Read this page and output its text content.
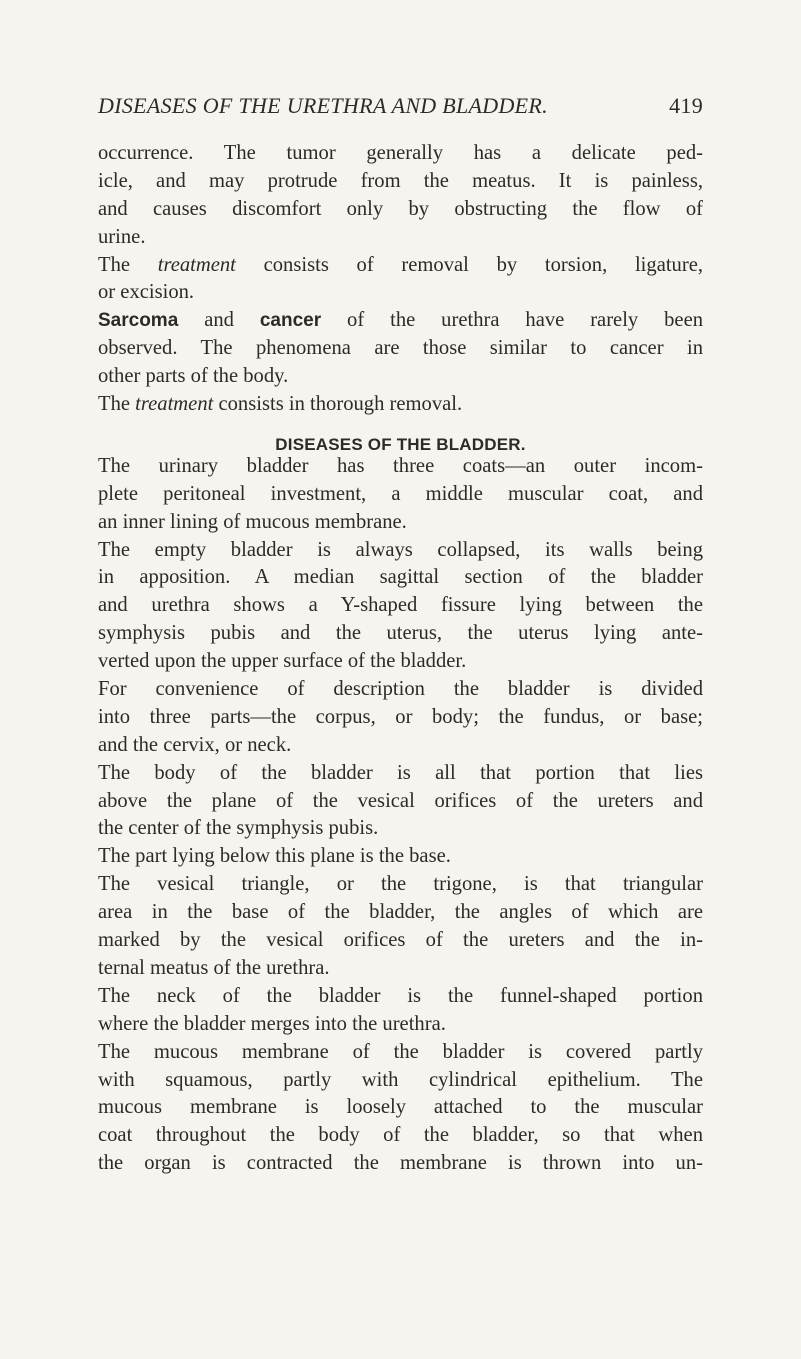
DISEASES OF THE URETHRA AND BLADDER.	419
occurrence. The tumor generally has a delicate ped-
icle, and may protrude from the meatus. It is painless,
and causes discomfort only by obstructing the flow of
urine.
The treatment consists of removal by torsion, ligature,
or excision.
Sarcoma and cancer of the urethra have rarely been
observed. The phenomena are those similar to cancer in
other parts of the body.
The treatment consists in thorough removal.
DISEASES OF THE BLADDER.
The urinary bladder has three coats—an outer incom-
plete peritoneal investment, a middle muscular coat, and
an inner lining of mucous membrane.
The empty bladder is always collapsed, its walls being
in apposition. A median sagittal section of the bladder
and urethra shows a Y-shaped fissure lying between the
symphysis pubis and the uterus, the uterus lying ante-
verted upon the upper surface of the bladder.
For convenience of description the bladder is divided
into three parts—the corpus, or body; the fundus, or base;
and the cervix, or neck.
The body of the bladder is all that portion that lies
above the plane of the vesical orifices of the ureters and
the center of the symphysis pubis.
The part lying below this plane is the base.
The vesical triangle, or the trigone, is that triangular
area in the base of the bladder, the angles of which are
marked by the vesical orifices of the ureters and the in-
ternal meatus of the urethra.
The neck of the bladder is the funnel-shaped portion
where the bladder merges into the urethra.
The mucous membrane of the bladder is covered partly
with squamous, partly with cylindrical epithelium. The
mucous membrane is loosely attached to the muscular
coat throughout the body of the bladder, so that when
the organ is contracted the membrane is thrown into un-
